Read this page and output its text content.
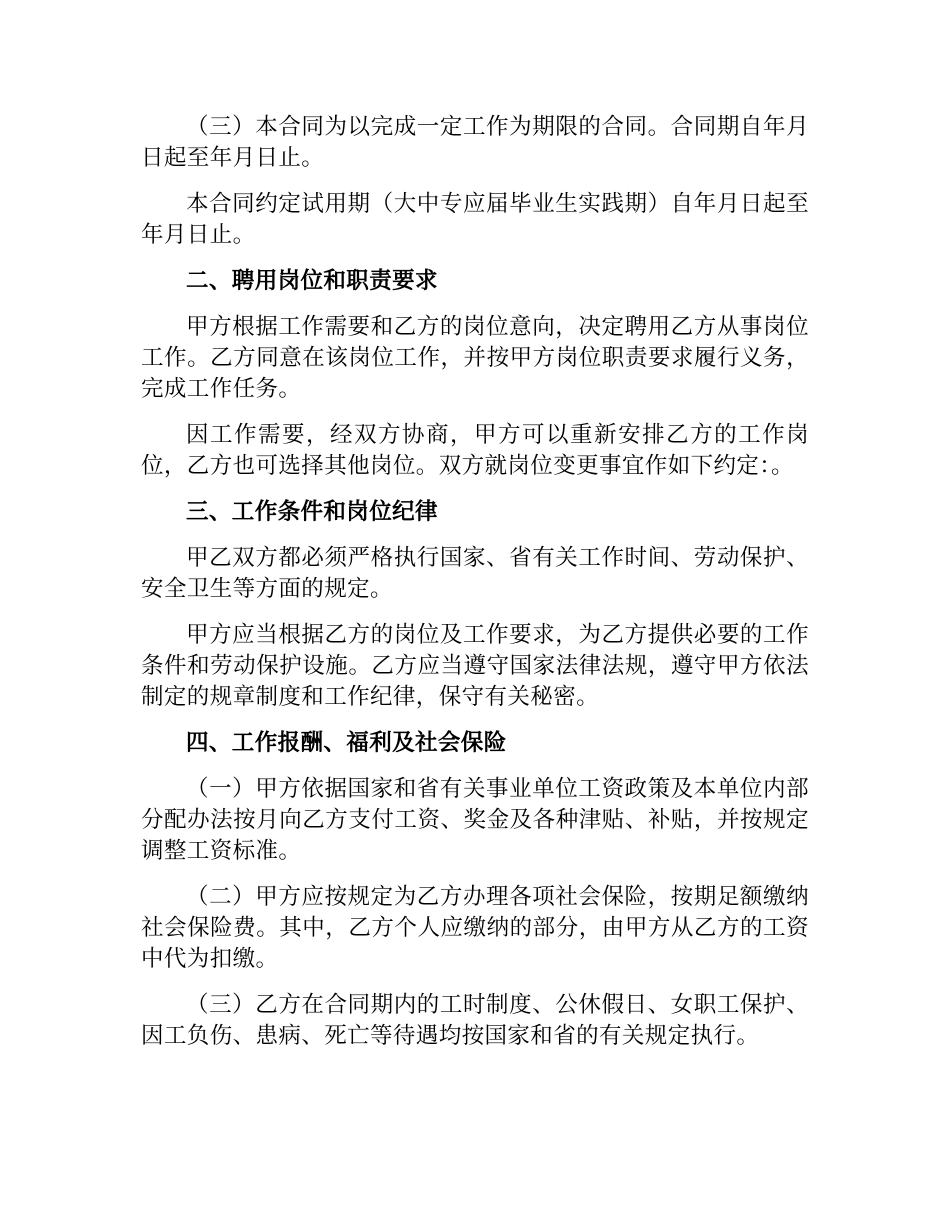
（三）本合同为以完成一定工作为期限的合同。合同期自年月日起至年月日止。

本合同约定试用期（大中专应届毕业生实践期）自年月日起至年月日止。

二、聘用岗位和职责要求

甲方根据工作需要和乙方的岗位意向，决定聘用乙方从事岗位工作。乙方同意在该岗位工作，并按甲方岗位职责要求履行义务，完成工作任务。

因工作需要，经双方协商，甲方可以重新安排乙方的工作岗位，乙方也可选择其他岗位。双方就岗位变更事宜作如下约定：。

三、工作条件和岗位纪律

甲乙双方都必须严格执行国家、省有关工作时间、劳动保护、安全卫生等方面的规定。

甲方应当根据乙方的岗位及工作要求，为乙方提供必要的工作条件和劳动保护设施。乙方应当遵守国家法律法规，遵守甲方依法制定的规章制度和工作纪律，保守有关秘密。

四、工作报酬、福利及社会保险

（一）甲方依据国家和省有关事业单位工资政策及本单位内部分配办法按月向乙方支付工资、奖金及各种津贴、补贴，并按规定调整工资标准。

（二）甲方应按规定为乙方办理各项社会保险，按期足额缴纳社会保险费。其中，乙方个人应缴纳的部分，由甲方从乙方的工资中代为扣缴。

（三）乙方在合同期内的工时制度、公休假日、女职工保护、因工负伤、患病、死亡等待遇均按国家和省的有关规定执行。
